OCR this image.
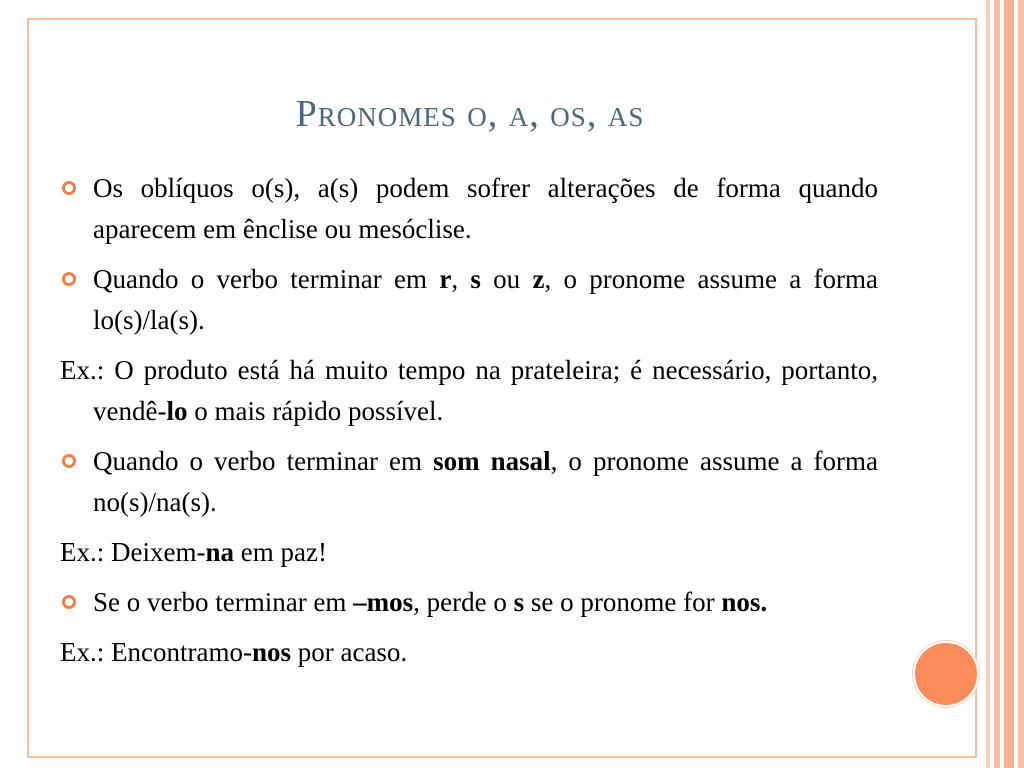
Pronomes o, a, os, as
Os oblíquos o(s), a(s) podem sofrer alterações de forma quando aparecem em ênclise ou mesóclise.
Quando o verbo terminar em r, s ou z, o pronome assume a forma lo(s)/la(s).
Ex.: O produto está há muito tempo na prateleira; é necessário, portanto, vendê-lo o mais rápido possível.
Quando o verbo terminar em som nasal, o pronome assume a forma no(s)/na(s).
Ex.: Deixem-na em paz!
Se o verbo terminar em –mos, perde o s se o pronome for nos.
Ex.: Encontramo-nos por acaso.
